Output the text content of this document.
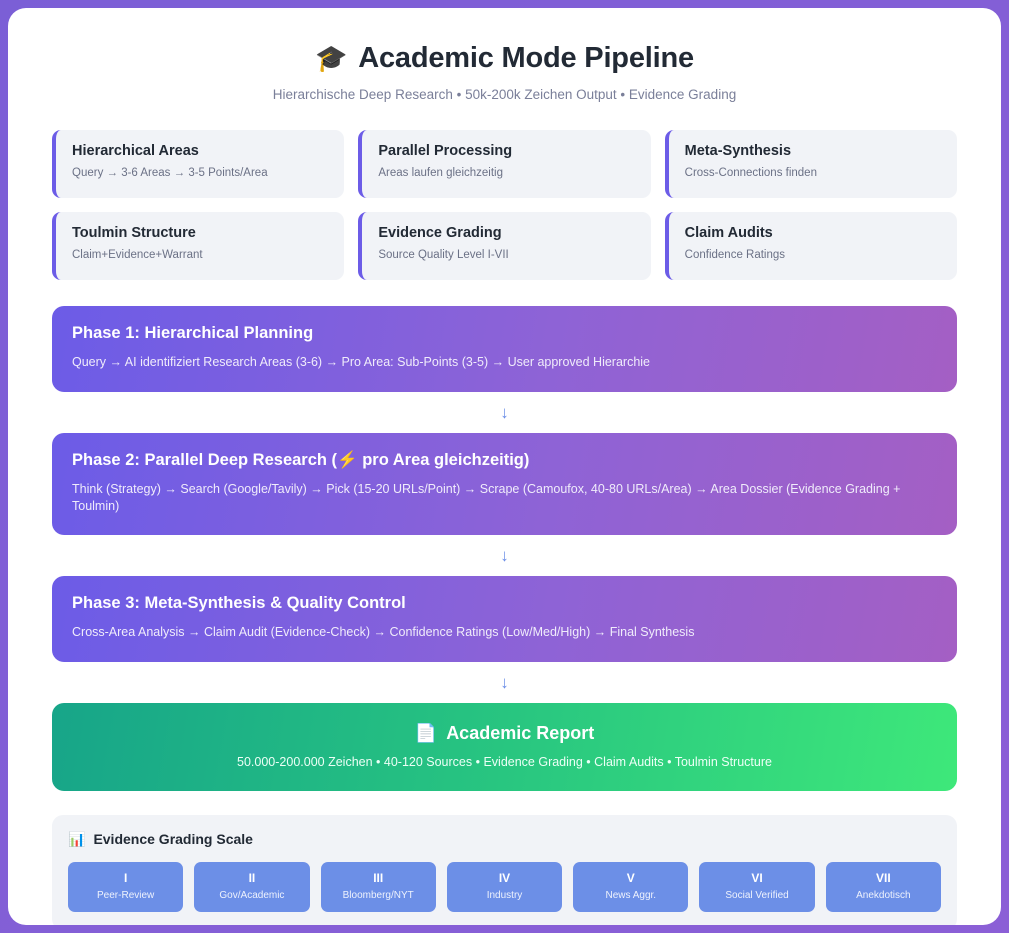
🎓 Academic Mode Pipeline
Hierarchische Deep Research • 50k-200k Zeichen Output • Evidence Grading
Hierarchical Areas
Query → 3-6 Areas → 3-5 Points/Area
Parallel Processing
Areas laufen gleichzeitig
Meta-Synthesis
Cross-Connections finden
Toulmin Structure
Claim+Evidence+Warrant
Evidence Grading
Source Quality Level I-VII
Claim Audits
Confidence Ratings
Phase 1: Hierarchical Planning
Query → AI identifiziert Research Areas (3-6) → Pro Area: Sub-Points (3-5) → User approved Hierarchie
↓
Phase 2: Parallel Deep Research (⚡ pro Area gleichzeitig)
Think (Strategy) → Search (Google/Tavily) → Pick (15-20 URLs/Point) → Scrape (Camoufox, 40-80 URLs/Area) → Area Dossier (Evidence Grading + Toulmin)
↓
Phase 3: Meta-Synthesis & Quality Control
Cross-Area Analysis → Claim Audit (Evidence-Check) → Confidence Ratings (Low/Med/High) → Final Synthesis
↓
📄 Academic Report
50.000-200.000 Zeichen • 40-120 Sources • Evidence Grading • Claim Audits • Toulmin Structure
📊 Evidence Grading Scale
I
Peer-Review
II
Gov/Academic
III
Bloomberg/NYT
IV
Industry
V
News Aggr.
VI
Social Verified
VII
Anekdotisch
